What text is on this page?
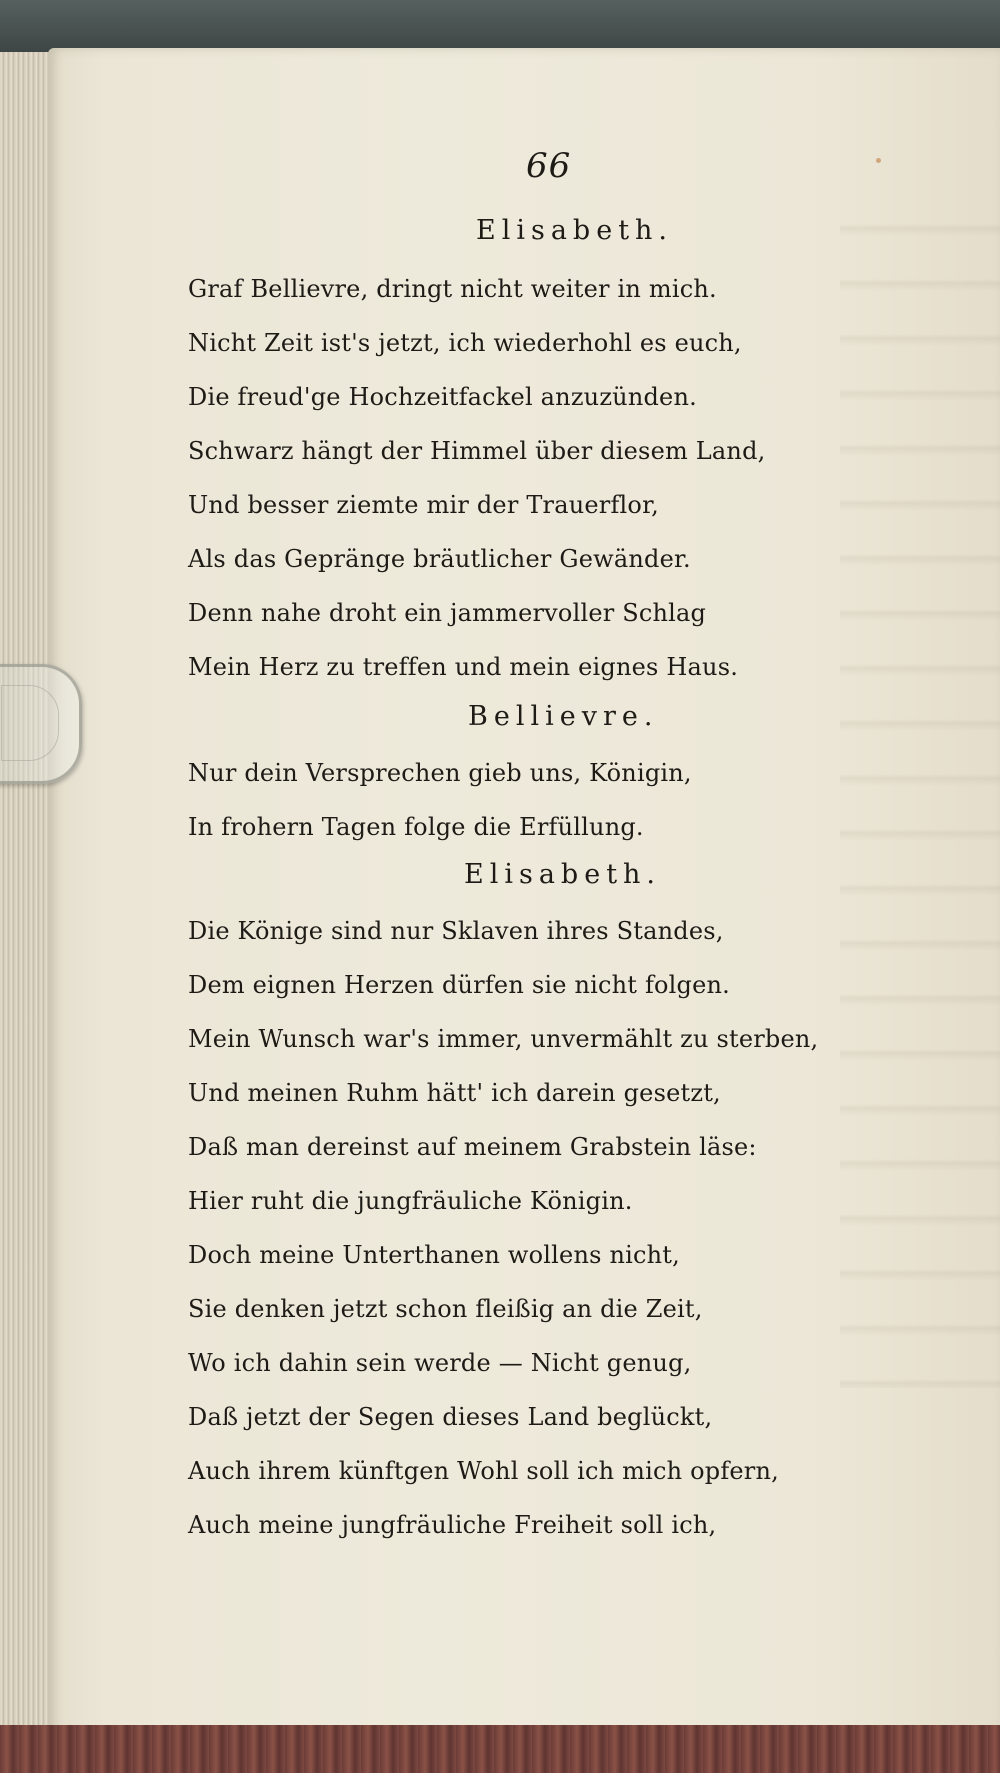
66

Elisabeth.

Graf Bellievre, dringt nicht weiter in mich.

Nicht Zeit ist's jetzt, ich wiederhohl es euch,

Die freud'ge Hochzeitfackel anzuzünden.

Schwarz hängt der Himmel über diesem Land,

Und besser ziemte mir der Trauerflor,

Als das Gepränge bräutlicher Gewänder.

Denn nahe droht ein jammervoller Schlag

Mein Herz zu treffen und mein eignes Haus.

Bellievre.

Nur dein Versprechen gieb uns, Königin,

In frohern Tagen folge die Erfüllung.

Elisabeth.

Die Könige sind nur Sklaven ihres Standes,

Dem eignen Herzen dürfen sie nicht folgen.

Mein Wunsch war's immer, unvermählt zu sterben,

Und meinen Ruhm hätt' ich darein gesetzt,

Daß man dereinst auf meinem Grabstein läse:

Hier ruht die jungfräuliche Königin.

Doch meine Unterthanen wollens nicht,

Sie denken jetzt schon fleißig an die Zeit,

Wo ich dahin sein werde — Nicht genug,

Daß jetzt der Segen dieses Land beglückt,

Auch ihrem künftgen Wohl soll ich mich opfern,

Auch meine jungfräuliche Freiheit soll ich,
